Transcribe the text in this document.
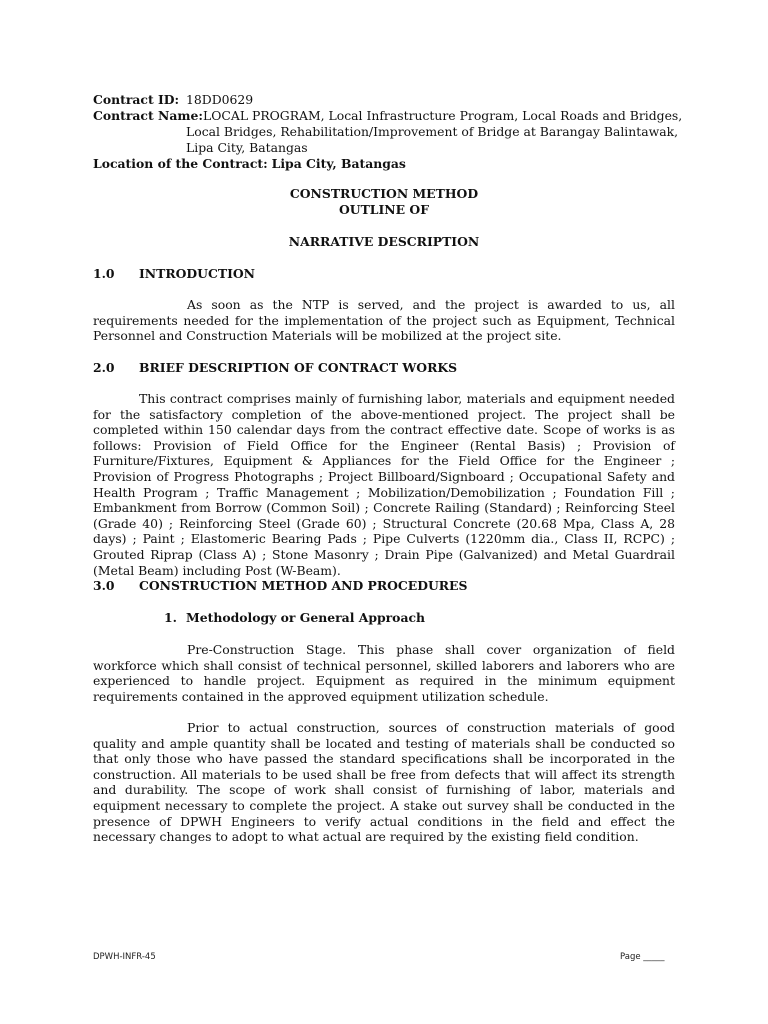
Contract ID: 18DD0629
Contract Name: LOCAL PROGRAM, Local Infrastructure Program, Local Roads and Bridges,
Local Bridges, Rehabilitation/Improvement of Bridge at Barangay Balintawak,
Lipa City, Batangas
Location of the Contract: Lipa City, Batangas
CONSTRUCTION METHOD
OUTLINE OF
NARRATIVE DESCRIPTION
1.0 INTRODUCTION
As soon as the NTP is served, and the project is awarded to us, all requirements needed for the implementation of the project such as Equipment, Technical Personnel and Construction Materials will be mobilized at the project site.
2.0 BRIEF DESCRIPTION OF CONTRACT WORKS
This contract comprises mainly of furnishing labor, materials and equipment needed for the satisfactory completion of the above-mentioned project. The project shall be completed within 150 calendar days from the contract effective date. Scope of works is as follows: Provision of Field Office for the Engineer (Rental Basis) ; Provision of Furniture/Fixtures, Equipment & Appliances for the Field Office for the Engineer ; Provision of Progress Photographs ; Project Billboard/Signboard ; Occupational Safety and Health Program ; Traffic Management ; Mobilization/Demobilization ; Foundation Fill ; Embankment from Borrow (Common Soil) ; Concrete Railing (Standard) ; Reinforcing Steel (Grade 40) ; Reinforcing Steel (Grade 60) ; Structural Concrete (20.68 Mpa, Class A, 28 days) ; Paint ; Elastomeric Bearing Pads ; Pipe Culverts (1220mm dia., Class II, RCPC) ; Grouted Riprap (Class A) ; Stone Masonry ; Drain Pipe (Galvanized) and Metal Guardrail (Metal Beam) including Post (W-Beam).
3.0 CONSTRUCTION METHOD AND PROCEDURES
1. Methodology or General Approach
Pre-Construction Stage. This phase shall cover organization of field workforce which shall consist of technical personnel, skilled laborers and laborers who are experienced to handle project. Equipment as required in the minimum equipment requirements contained in the approved equipment utilization schedule.
Prior to actual construction, sources of construction materials of good quality and ample quantity shall be located and testing of materials shall be conducted so that only those who have passed the standard specifications shall be incorporated in the construction. All materials to be used shall be free from defects that will affect its strength and durability. The scope of work shall consist of furnishing of labor, materials and equipment necessary to complete the project. A stake out survey shall be conducted in the presence of DPWH Engineers to verify actual conditions in the field and effect the necessary changes to adopt to what actual are required by the existing field condition.
DPWH-INFR-45	Page _____
